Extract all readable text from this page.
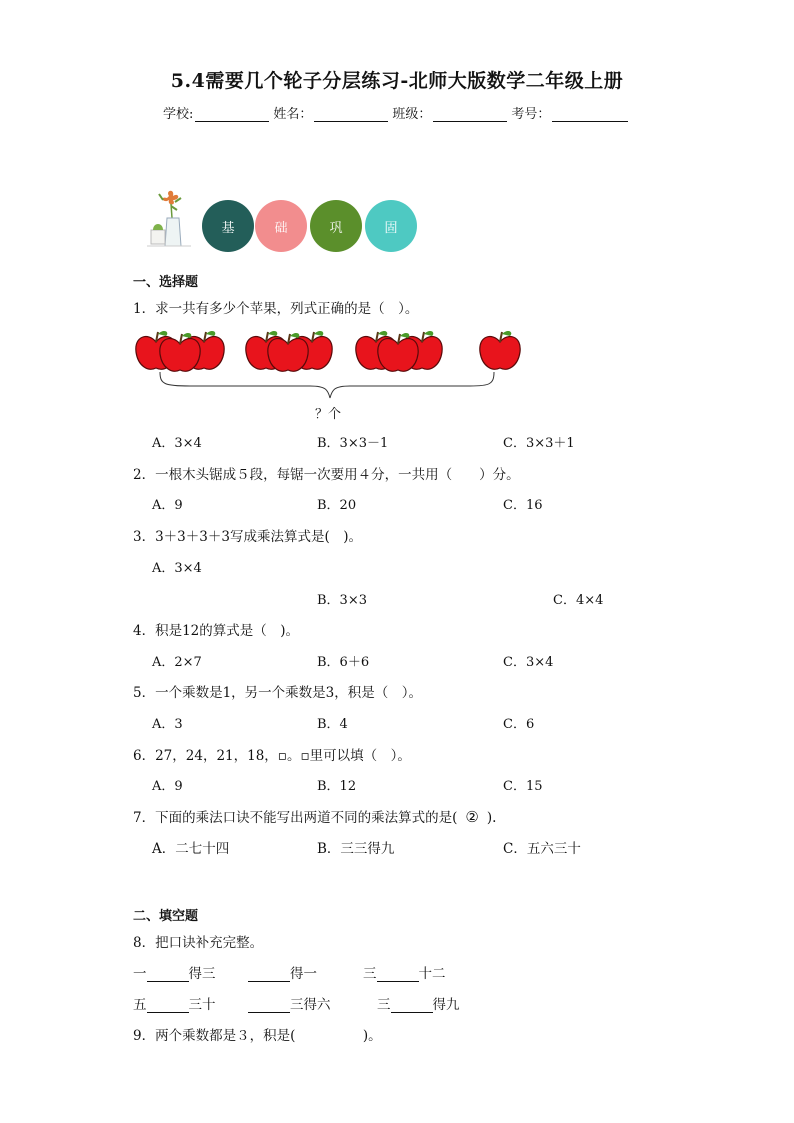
5.4需要几个轮子分层练习-北师大版数学二年级上册
学校:	姓名：	班级：	考号：
基	础	巩	固
一、选择题
1．求一共有多少个苹果，列式正确的是（　）。
？个
A．3×4	B．3×3－1	C．3×3＋1
2．一根木头锯成５段，每锯一次要用４分，一共用（　　）分。
A．9	B．20	C．16
3．3＋3＋3＋3写成乘法算式是(　)。
A．3×4
B．3×3	C．4×4
4．积是12的算式是（　)。
A．2×7	B．6＋6	C．3×4
5．一个乘数是1，另一个乘数是3，积是（　）。
A．3	B．4	C．6
6．27，24，21，18，▫。▫里可以填（　）。
A．9	B．12	C．15
7．下面的乘法口诀不能写出两道不同的乘法算式的是( ② ).
A．二七十四	B．三三得九	C．五六三十
二、填空题
8．把口诀补充完整。
一	得三	得一	三	十二
五	三十	三得六	三	得九
9．两个乘数都是３，积是(　　　　　)。
